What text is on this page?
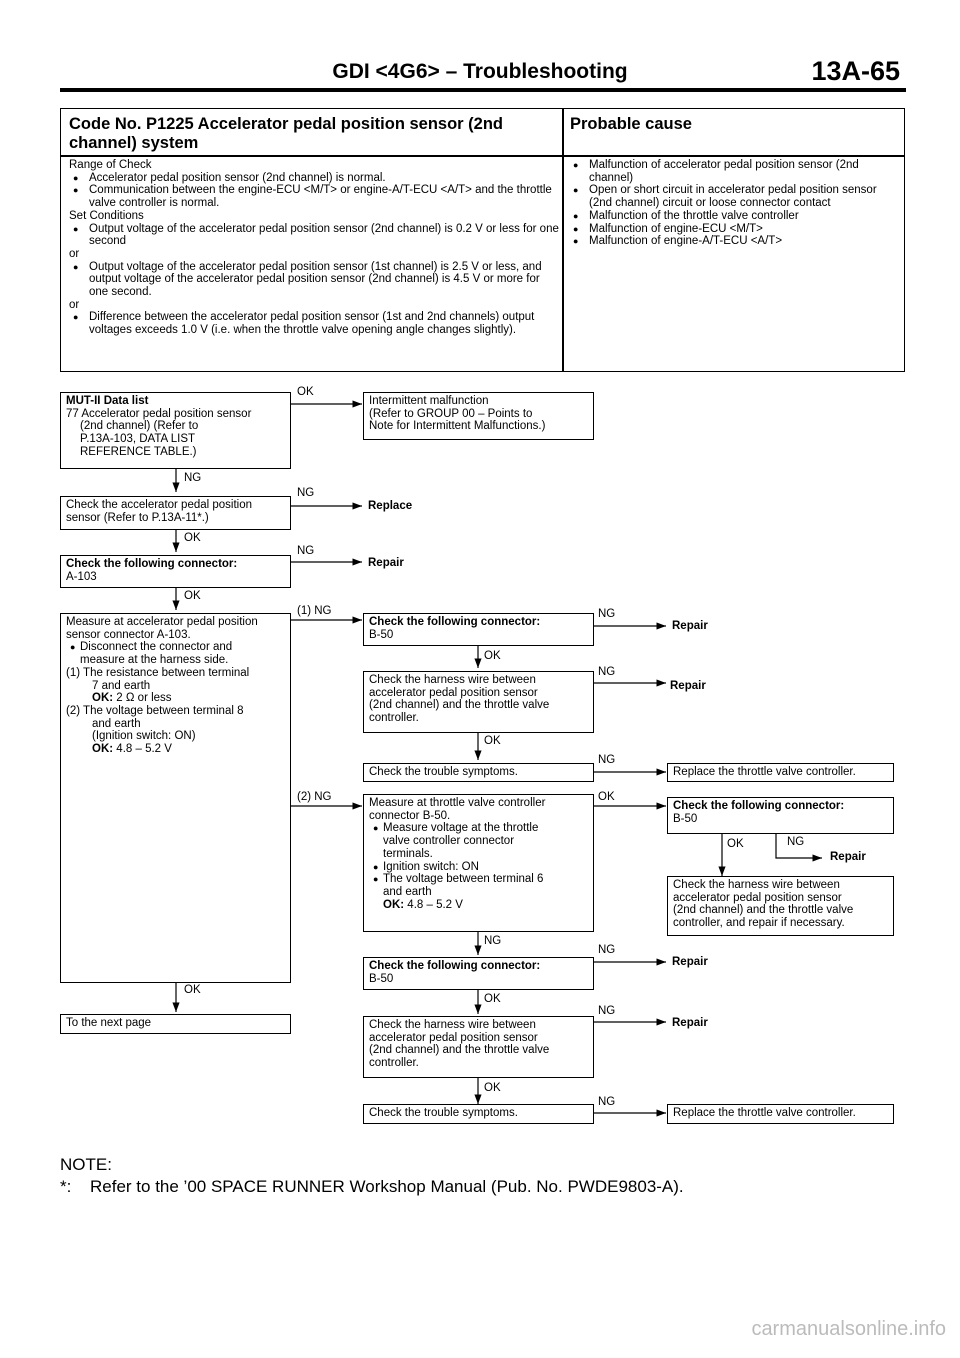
GDI <4G6> – Troubleshooting	13A-65
Code No. P1225 Accelerator pedal position sensor (2nd channel) system
Probable cause
Range of Check
● Accelerator pedal position sensor (2nd channel) is normal.
● Communication between the engine-ECU <M/T> or engine-A/T-ECU <A/T> and the throttle valve controller is normal.
Set Conditions
● Output voltage of the accelerator pedal position sensor (2nd channel) is 0.2 V or less for one second
or
● Output voltage of the accelerator pedal position sensor (1st channel) is 2.5 V or less, and output voltage of the accelerator pedal position sensor (2nd channel) is 4.5 V or more for one second.
or
● Difference between the accelerator pedal position sensor (1st and 2nd channels) output voltages exceeds 1.0 V (i.e. when the throttle valve opening angle changes slightly).
● Malfunction of accelerator pedal position sensor (2nd channel)
● Open or short circuit in accelerator pedal position sensor (2nd channel) circuit or loose connector contact
● Malfunction of the throttle valve controller
● Malfunction of engine-ECU <M/T>
● Malfunction of engine-A/T-ECU <A/T>
MUT-II Data list
77 Accelerator pedal position sensor
(2nd channel) (Refer to
P.13A-103, DATA LIST
REFERENCE TABLE.)
Check the accelerator pedal position
sensor (Refer to P.13A-11*.)
Check the following connector:
A-103
Measure at accelerator pedal position
sensor connector A-103.
● Disconnect the connector and
measure at the harness side.
(1) The resistance between terminal
7 and earth
OK: 2 Ω or less
(2) The voltage between terminal 8
and earth
(Ignition switch: ON)
OK: 4.8 – 5.2 V
To the next page
Intermittent malfunction
(Refer to GROUP 00 – Points to
Note for Intermittent Malfunctions.)
Check the following connector:
B-50
Check the harness wire between
accelerator pedal position sensor
(2nd channel) and the throttle valve
controller.
Check the trouble symptoms.
Measure at throttle valve controller
connector B-50.
● Measure voltage at the throttle
valve controller connector
terminals.
● Ignition switch: ON
● The voltage between terminal 6
and earth
OK: 4.8 – 5.2 V
Check the following connector:
B-50
Check the harness wire between
accelerator pedal position sensor
(2nd channel) and the throttle valve
controller.
Check the trouble symptoms.
Replace the throttle valve controller.
Check the following connector:
B-50
Check the harness wire between
accelerator pedal position sensor
(2nd channel) and the throttle valve
controller, and repair if necessary.
Replace the throttle valve controller.
OK
NG
NG
Replace
OK
NG
Repair
OK
(1) NG
(2) NG
OK
NG
Repair
OK
NG
Repair
OK
NG
OK
OK	NG
Repair
NG
NG
Repair
OK
NG
Repair
OK
NG
NOTE:
*: Refer to the ’00 SPACE RUNNER Workshop Manual (Pub. No. PWDE9803-A).
carmanualsonline.info
